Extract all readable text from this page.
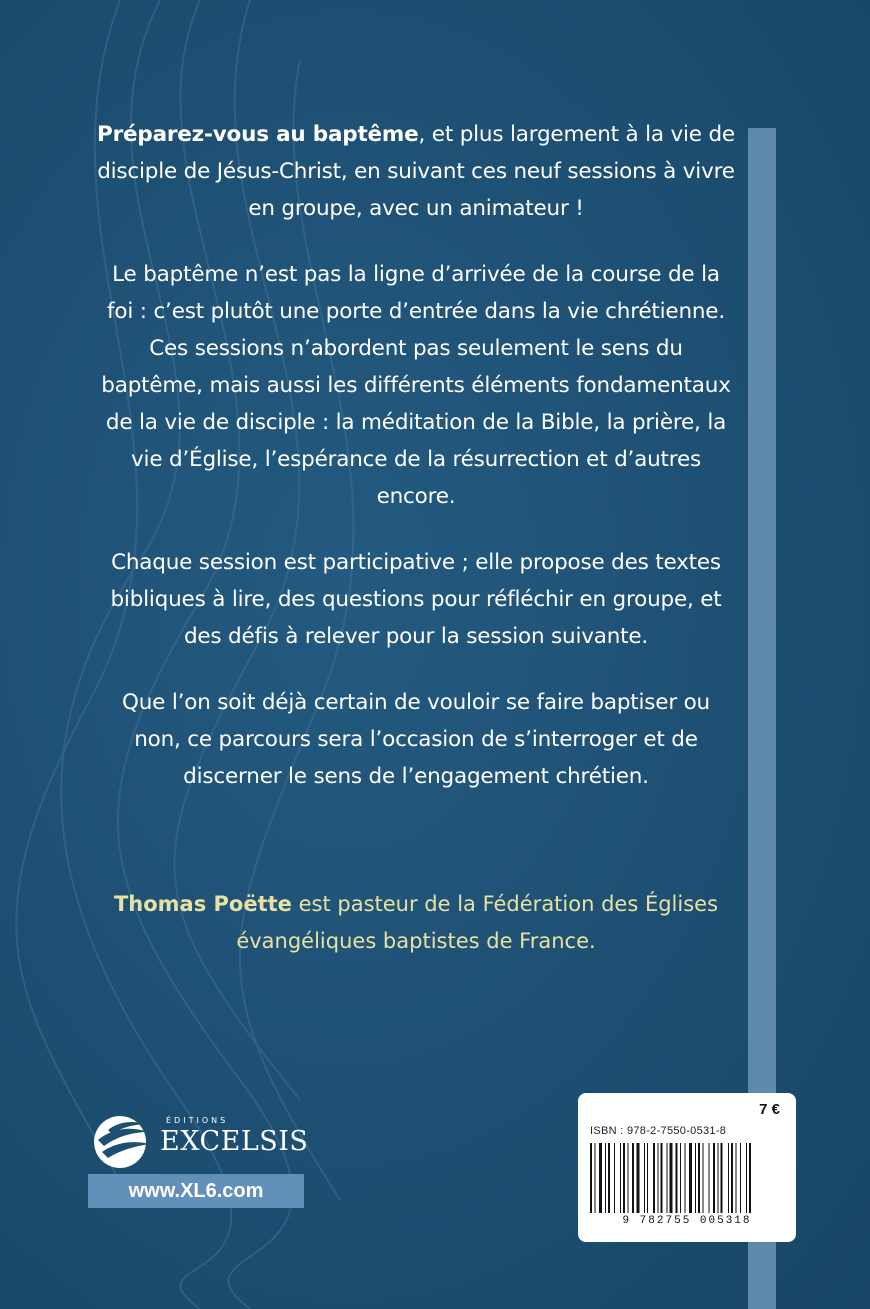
Préparez-vous au baptême, et plus largement à la vie de disciple de Jésus-Christ, en suivant ces neuf sessions à vivre en groupe, avec un animateur !

Le baptême n’est pas la ligne d’arrivée de la course de la foi : c’est plutôt une porte d’entrée dans la vie chrétienne. Ces sessions n’abordent pas seulement le sens du baptême, mais aussi les différents éléments fondamentaux de la vie de disciple : la méditation de la Bible, la prière, la vie d’Église, l’espérance de la résurrection et d’autres encore.

Chaque session est participative ; elle propose des textes bibliques à lire, des questions pour réfléchir en groupe, et des défis à relever pour la session suivante.

Que l’on soit déjà certain de vouloir se faire baptiser ou non, ce parcours sera l’occasion de s’interroger et de discerner le sens de l’engagement chrétien.

Thomas Poëtte est pasteur de la Fédération des Églises évangéliques baptistes de France.
ÉDITIONS
EXCELSIS
www.XL6.com
7 €
ISBN : 978-2-7550-0531-8
9 782755 005318
